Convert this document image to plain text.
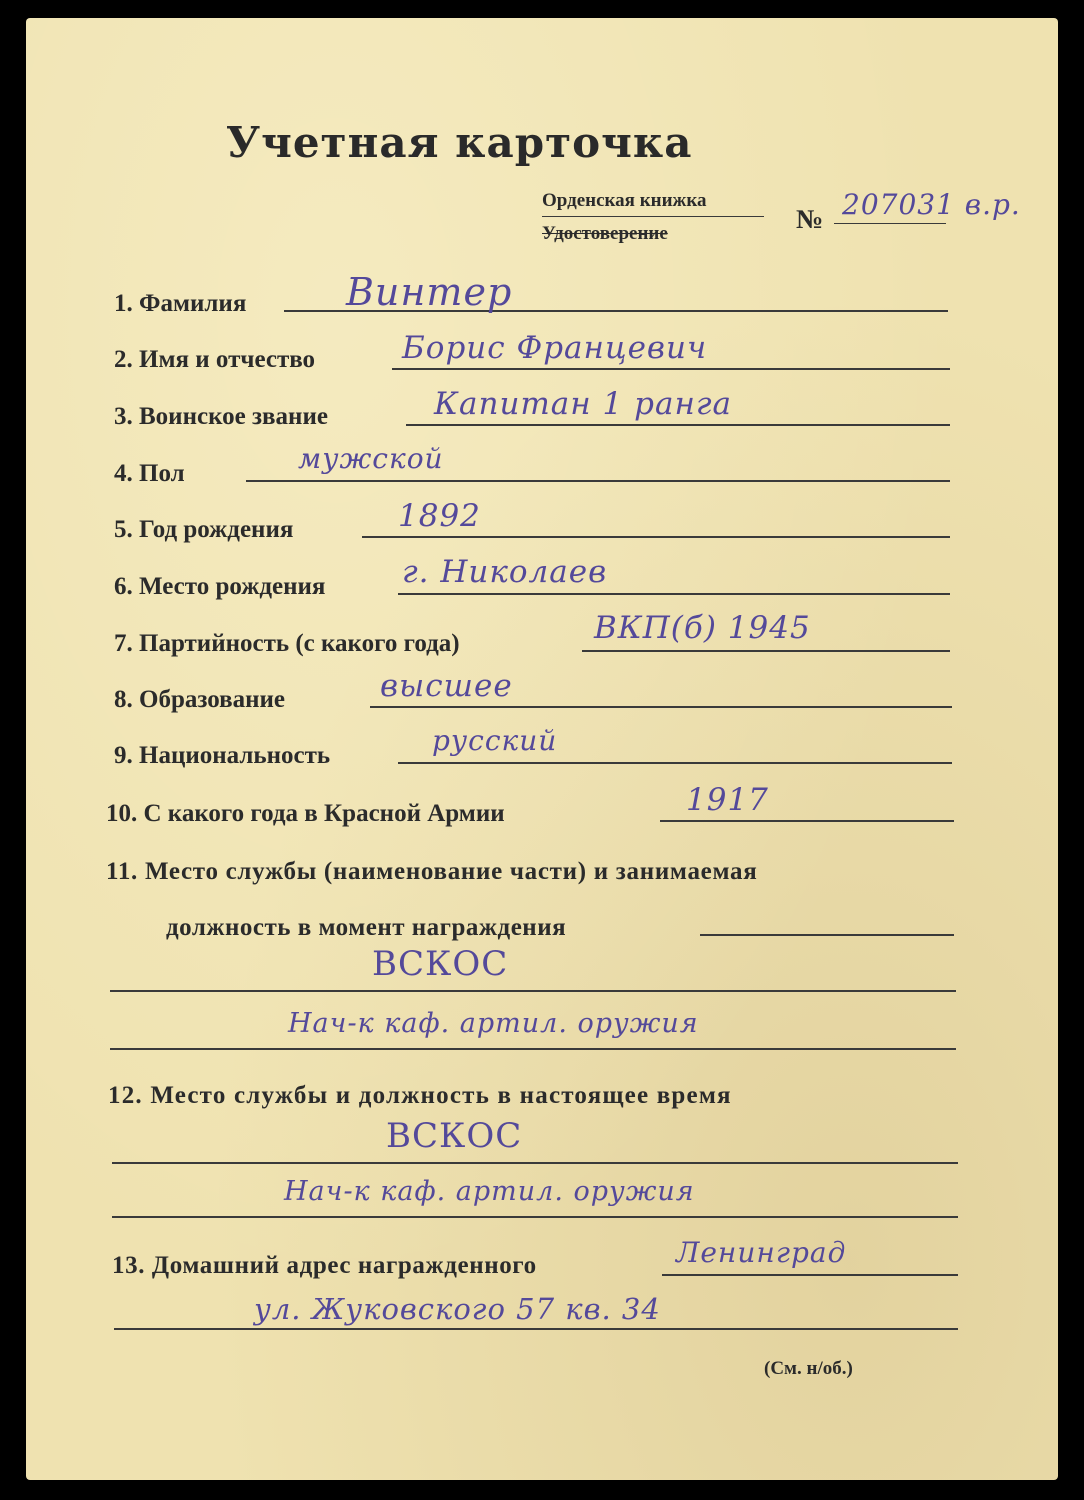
Учетная карточка
Орденская книжка
Удостоверение	№ 207031 в.р.
1. Фамилия	Винтер
2. Имя и отчество	Борис Францевич
3. Воинское звание	Капитан 1 ранга
4. Пол	мужской
5. Год рождения	1892
6. Место рождения г. Николаев
7. Партийность (с какого года)	ВКП(б) 1945
8. Образование	высшее
9. Национальность	русский
10. С какого года в Красной Армии	1917
11. Место службы (наименование части) и занимаемая
должность в момент награждения
ВСКОС
Нач-к каф. артил. оружия
12. Место службы и должность в настоящее время
ВСКОС
Нач-к каф. артил. оружия
13. Домашний адрес награжденного	Ленинград
ул. Жуковского 57 кв. 34
(См. н/об.)
